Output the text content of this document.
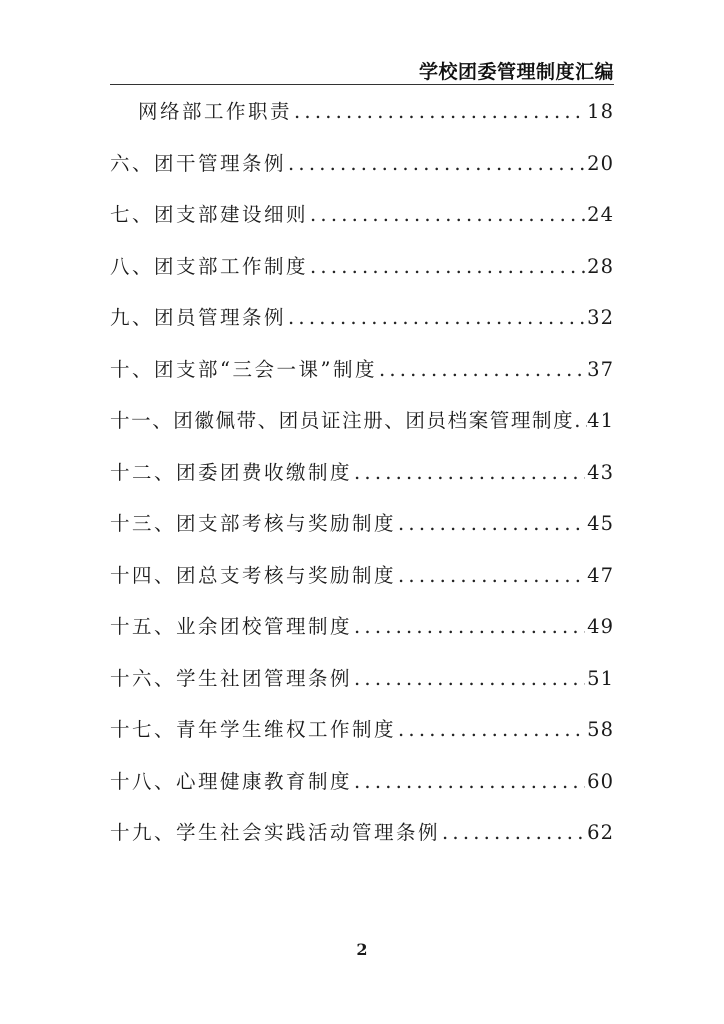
学校团委管理制度汇编
网络部工作职责 .....	18
六、团干管理条例 .....	20
七、团支部建设细则 .....	24
八、团支部工作制度 .....	28
九、团员管理条例 .....	32
十、团支部“三会一课”制度 .....	37
十一、团徽佩带、团员证注册、团员档案管理制度 ..... 41
十二、团委团费收缴制度 .....	43
十三、团支部考核与奖励制度 .....	45
十四、团总支考核与奖励制度 .....	47
十五、业余团校管理制度 .....	49
十六、学生社团管理条例 .....	51
十七、青年学生维权工作制度 .....	58
十八、心理健康教育制度 .....	60
十九、学生社会实践活动管理条例 .....	62
2
